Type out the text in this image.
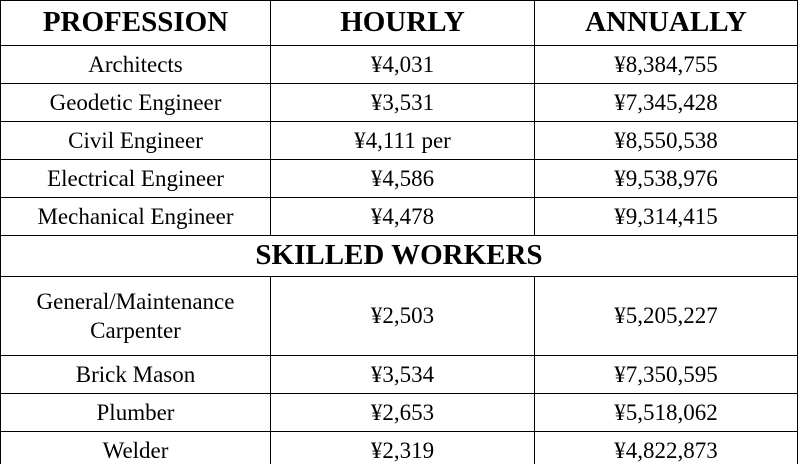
PROFESSION	HOURLY	ANNUALLY
Architects	¥4,031	¥8,384,755
Geodetic Engineer	¥3,531	¥7,345,428
Civil Engineer	¥4,111 per	¥8,550,538
Electrical Engineer	¥4,586	¥9,538,976
Mechanical Engineer	¥4,478	¥9,314,415
SKILLED WORKERS		

General/Maintenance
Carpenter	¥2,503	¥5,205,227
Brick Mason	¥3,534	¥7,350,595
Plumber	¥2,653	¥5,518,062
Welder	¥2,319	¥4,822,873
